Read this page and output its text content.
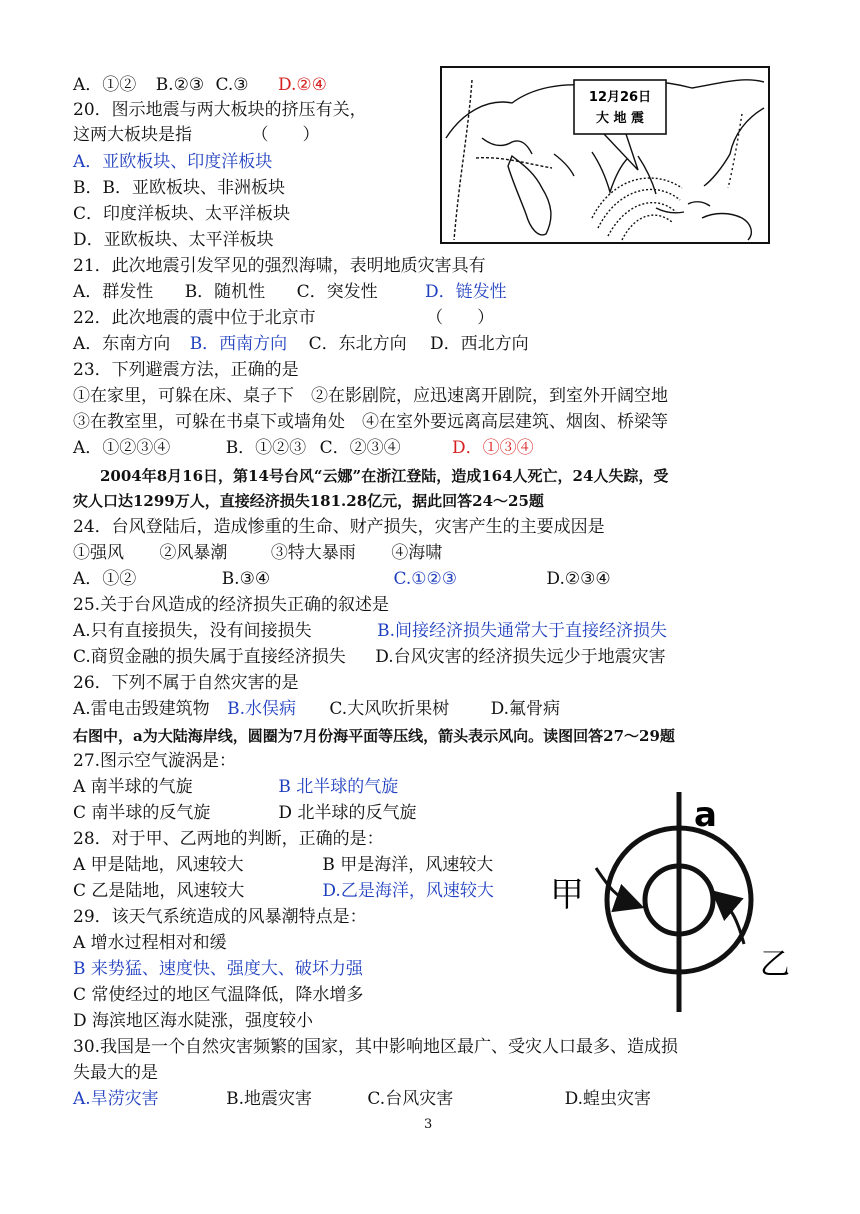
A．①② B.②③ C.③ D.②④
20．图示地震与两大板块的挤压有关，
这两大板块是指　　　　（　　）
A．亚欧板块、印度洋板块
B．B．亚欧板块、非洲板块
C．印度洋板块、太平洋板块
D．亚欧板块、太平洋板块
12月26日
大 地 震
21．此次地震引发罕见的强烈海啸，表明地质灾害具有
A．群发性 B．随机性 C．突发性	D．链发性
22．此次地震的震中位于北京市　　　　　　　（　　）
A．东南方向 B．西南方向 C．东北方向 D．西北方向
23．下列避震方法，正确的是
①在家里，可躲在床、桌子下　②在影剧院，应迅速离开剧院，到室外开阔空地
③在教室里，可躲在书桌下或墙角处　④在室外要远离高层建筑、烟囱、桥梁等
A．①②③④	B．①②③ C．②③④	D．①③④
2004年8月16日，第14号台风“云娜”在浙江登陆，造成164人死亡，24人失踪，受
灾人口达1299万人，直接经济损失181.28亿元，据此回答24～25题
24．台风登陆后，造成惨重的生命、财产损失，灾害产生的主要成因是
①强风 ②风暴潮	③特大暴雨 ④海啸
A．①②	B.③④	C.①②③	D.②③④
25.关于台风造成的经济损失正确的叙述是
A.只有直接损失，没有间接损失	B.间接经济损失通常大于直接经济损失
C.商贸金融的损失属于直接经济损失 D.台风灾害的经济损失远少于地震灾害
26．下列不属于自然灾害的是
A.雷电击毁建筑物 B.水俣病 C.大风吹折果树 D.氟骨病
右图中，a为大陆海岸线，圆圈为7月份海平面等压线，箭头表示风向。读图回答27～29题
27.图示空气漩涡是：
A 南半球的气旋	B 北半球的气旋
C 南半球的反气旋	D 北半球的反气旋
28．对于甲、乙两地的判断，正确的是：
A 甲是陆地，风速较大	B 甲是海洋，风速较大
C 乙是陆地，风速较大	D.乙是海洋，风速较大
29．该天气系统造成的风暴潮特点是：
A 增水过程相对和缓
B 来势猛、速度快、强度大、破坏力强
C 常使经过的地区气温降低，降水增多
D 海滨地区海水陡涨，强度较小
30.我国是一个自然灾害频繁的国家，其中影响地区最广、受灾人口最多、造成损
失最大的是
A.旱涝灾害	B.地震灾害	C.台风灾害	D.蝗虫灾害
a
甲
乙
3
